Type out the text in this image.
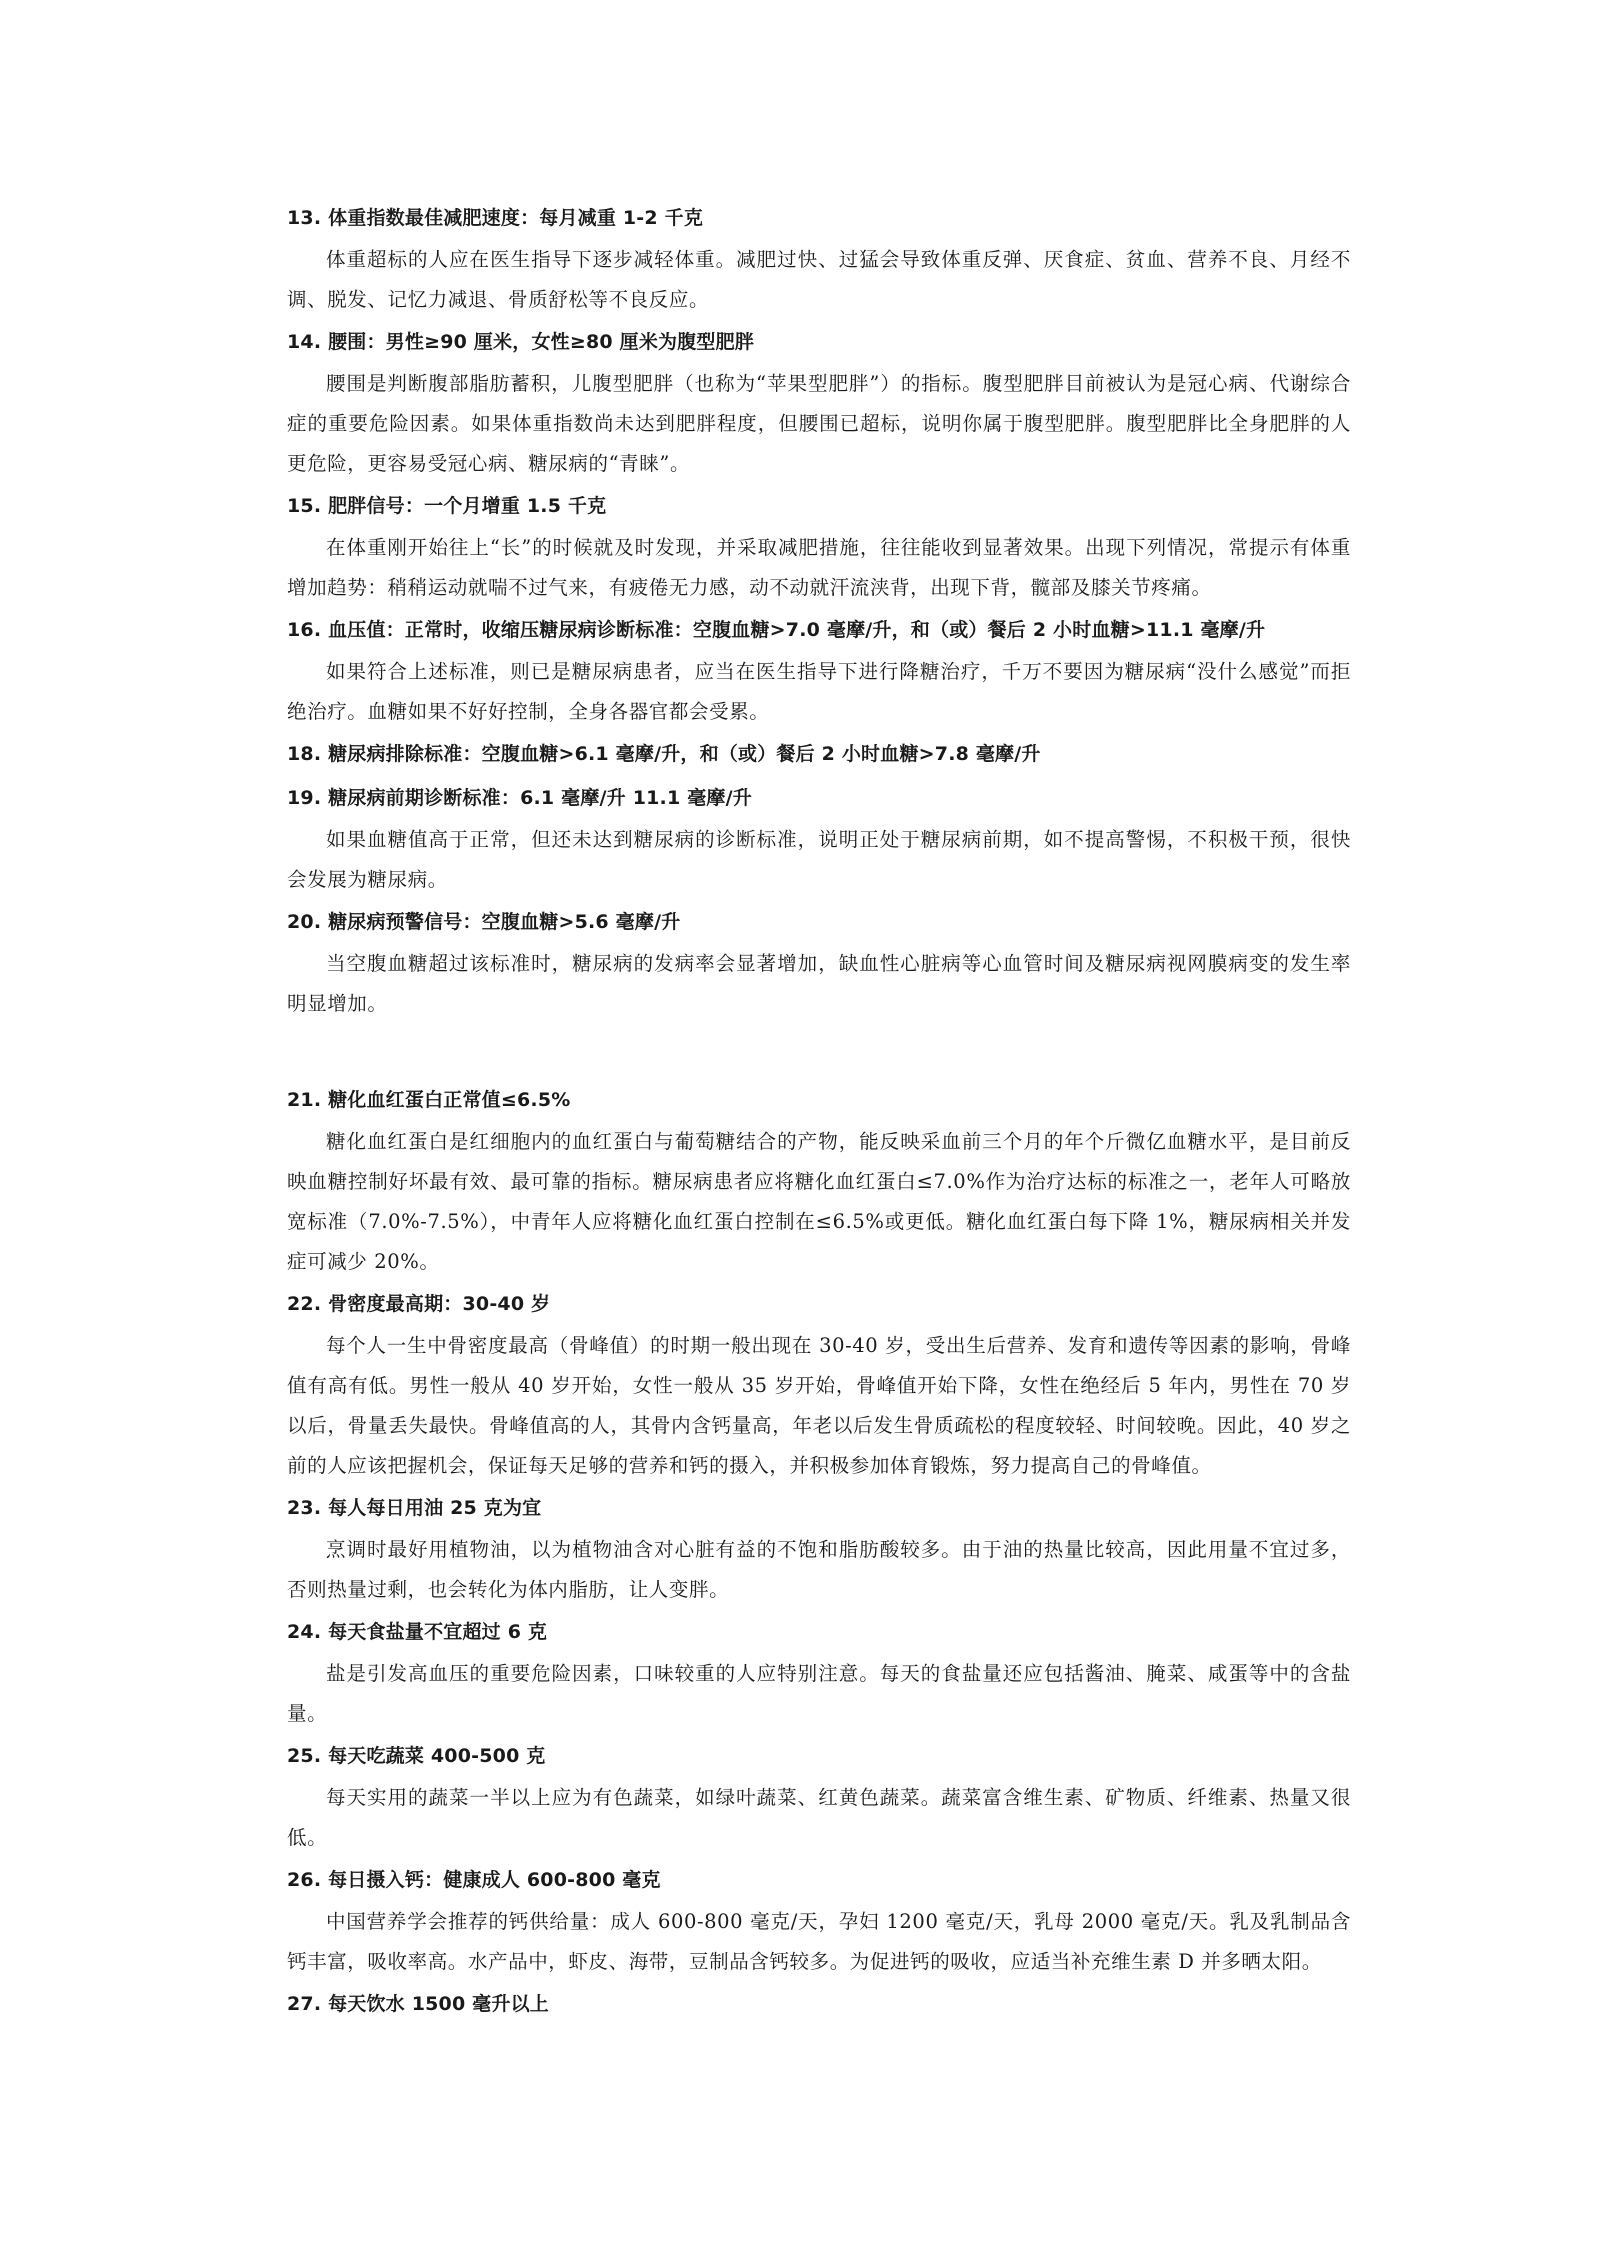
13. 体重指数最佳减肥速度：每月减重 1-2 千克

体重超标的人应在医生指导下逐步减轻体重。减肥过快、过猛会导致体重反弹、厌食症、贫血、营养不良、月经不调、脱发、记忆力减退、骨质舒松等不良反应。

14. 腰围：男性≥90 厘米，女性≥80 厘米为腹型肥胖

腰围是判断腹部脂肪蓄积，儿腹型肥胖（也称为“苹果型肥胖”）的指标。腹型肥胖目前被认为是冠心病、代谢综合症的重要危险因素。如果体重指数尚未达到肥胖程度，但腰围已超标，说明你属于腹型肥胖。腹型肥胖比全身肥胖的人更危险，更容易受冠心病、糖尿病的“青睐”。

15. 肥胖信号：一个月增重 1.5 千克

在体重刚开始往上“长”的时候就及时发现，并采取减肥措施，往往能收到显著效果。出现下列情况，常提示有体重增加趋势：稍稍运动就喘不过气来，有疲倦无力感，动不动就汗流浃背，出现下背，髋部及膝关节疼痛。

16. 血压值：正常时，收缩压糖尿病诊断标准：空腹血糖>7.0 毫摩/升，和（或）餐后 2 小时血糖>11.1 毫摩/升

如果符合上述标准，则已是糖尿病患者，应当在医生指导下进行降糖治疗，千万不要因为糖尿病“没什么感觉”而拒绝治疗。血糖如果不好好控制，全身各器官都会受累。

18. 糖尿病排除标准：空腹血糖>6.1 毫摩/升，和（或）餐后 2 小时血糖>7.8 毫摩/升

19. 糖尿病前期诊断标准：6.1 毫摩/升 11.1 毫摩/升

如果血糖值高于正常，但还未达到糖尿病的诊断标准，说明正处于糖尿病前期，如不提高警惕，不积极干预，很快会发展为糖尿病。

20. 糖尿病预警信号：空腹血糖>5.6 毫摩/升

当空腹血糖超过该标准时，糖尿病的发病率会显著增加，缺血性心脏病等心血管时间及糖尿病视网膜病变的发生率明显增加。

21. 糖化血红蛋白正常值≤6.5%

糖化血红蛋白是红细胞内的血红蛋白与葡萄糖结合的产物，能反映采血前三个月的年个斤微亿血糖水平，是目前反映血糖控制好坏最有效、最可靠的指标。糖尿病患者应将糖化血红蛋白≤7.0%作为治疗达标的标准之一，老年人可略放宽标准（7.0%-7.5%），中青年人应将糖化血红蛋白控制在≤6.5%或更低。糖化血红蛋白每下降 1%，糖尿病相关并发症可减少 20%。

22. 骨密度最高期：30-40 岁

每个人一生中骨密度最高（骨峰值）的时期一般出现在 30-40 岁，受出生后营养、发育和遗传等因素的影响，骨峰值有高有低。男性一般从 40 岁开始，女性一般从 35 岁开始，骨峰值开始下降，女性在绝经后 5 年内，男性在 70 岁以后，骨量丢失最快。骨峰值高的人，其骨内含钙量高，年老以后发生骨质疏松的程度较轻、时间较晚。因此，40 岁之前的人应该把握机会，保证每天足够的营养和钙的摄入，并积极参加体育锻炼，努力提高自己的骨峰值。

23. 每人每日用油 25 克为宜

烹调时最好用植物油，以为植物油含对心脏有益的不饱和脂肪酸较多。由于油的热量比较高，因此用量不宜过多，否则热量过剩，也会转化为体内脂肪，让人变胖。

24. 每天食盐量不宜超过 6 克

盐是引发高血压的重要危险因素，口味较重的人应特别注意。每天的食盐量还应包括酱油、腌菜、咸蛋等中的含盐量。

25. 每天吃蔬菜 400-500 克

每天实用的蔬菜一半以上应为有色蔬菜，如绿叶蔬菜、红黄色蔬菜。蔬菜富含维生素、矿物质、纤维素、热量又很低。

26. 每日摄入钙：健康成人 600-800 毫克

中国营养学会推荐的钙供给量：成人 600-800 毫克/天，孕妇 1200 毫克/天，乳母 2000 毫克/天。乳及乳制品含钙丰富，吸收率高。水产品中，虾皮、海带，豆制品含钙较多。为促进钙的吸收，应适当补充维生素 D 并多晒太阳。

27. 每天饮水 1500 毫升以上
